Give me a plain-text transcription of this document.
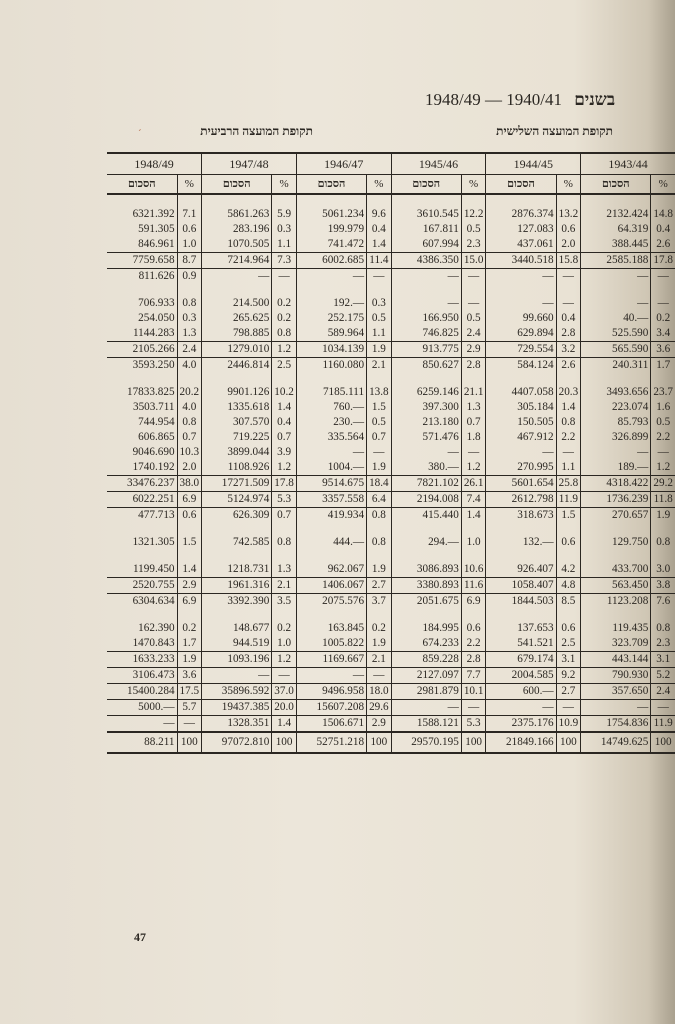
1948/49 — 1940/41 בשנים
תקופת המועצה השלישית
תקופת המועצה הרביעית
ˊ
1948/49		1947/48		1946/47		1945/46		1944/45		1943/44	
הסכום	%	הסכום	%	הסכום	%	הסכום	%	הסכום	%	הסכום	%

6321.392	7.1	5861.263	5.9	5061.234	9.6	3610.545	12.2	2876.374	13.2	2132.424	14.8
591.305	0.6	283.196	0.3	199.979	0.4	167.811	0.5	127.083	0.6	64.319	0.4
846.961	1.0	1070.505	1.1	741.472	1.4	607.994	2.3	437.061	2.0	388.445	2.6
7759.658	8.7	7214.964	7.3	6002.685	11.4	4386.350	15.0	3440.518	15.8	2585.188	17.8
811.626	0.9	—	—	—	—	—	—	—	—	—	—

706.933	0.8	214.500	0.2	192.—	0.3	—	—	—	—	—	—
254.050	0.3	265.625	0.2	252.175	0.5	166.950	0.5	99.660	0.4	40.—	0.2
1144.283	1.3	798.885	0.8	589.964	1.1	746.825	2.4	629.894	2.8	525.590	3.4
2105.266	2.4	1279.010	1.2	1034.139	1.9	913.775	2.9	729.554	3.2	565.590	3.6
3593.250	4.0	2446.814	2.5	1160.080	2.1	850.627	2.8	584.124	2.6	240.311	1.7

17833.825	20.2	9901.126	10.2	7185.111	13.8	6259.146	21.1	4407.058	20.3	3493.656	23.7
3503.711	4.0	1335.618	1.4	760.—	1.5	397.300	1.3	305.184	1.4	223.074	1.6
744.954	0.8	307.570	0.4	230.—	0.5	213.180	0.7	150.505	0.8	85.793	0.5
606.865	0.7	719.225	0.7	335.564	0.7	571.476	1.8	467.912	2.2	326.899	2.2
9046.690	10.3	3899.044	3.9	—	—	—	—	—	—	—	—
1740.192	2.0	1108.926	1.2	1004.—	1.9	380.—	1.2	270.995	1.1	189.—	1.2
33476.237	38.0	17271.509	17.8	9514.675	18.4	7821.102	26.1	5601.654	25.8	4318.422	29.2
6022.251	6.9	5124.974	5.3	3357.558	6.4	2194.008	7.4	2612.798	11.9	1736.239	11.8
477.713	0.6	626.309	0.7	419.934	0.8	415.440	1.4	318.673	1.5	270.657	1.9

1321.305	1.5	742.585	0.8	444.—	0.8	294.—	1.0	132.—	0.6	129.750	0.8

1199.450	1.4	1218.731	1.3	962.067	1.9	3086.893	10.6	926.407	4.2	433.700	3.0
2520.755	2.9	1961.316	2.1	1406.067	2.7	3380.893	11.6	1058.407	4.8	563.450	3.8
6304.634	6.9	3392.390	3.5	2075.576	3.7	2051.675	6.9	1844.503	8.5	1123.208	7.6

162.390	0.2	148.677	0.2	163.845	0.2	184.995	0.6	137.653	0.6	119.435	0.8
1470.843	1.7	944.519	1.0	1005.822	1.9	674.233	2.2	541.521	2.5	323.709	2.3
1633.233	1.9	1093.196	1.2	1169.667	2.1	859.228	2.8	679.174	3.1	443.144	3.1
3106.473	3.6	—	—	—	—	2127.097	7.7	2004.585	9.2	790.930	5.2
15400.284	17.5	35896.592	37.0	9496.958	18.0	2981.879	10.1	600.—	2.7	357.650	2.4
5000.—	5.7	19437.385	20.0	15607.208	29.6	—	—	—	—	—	—
—	—	1328.351	1.4	1506.671	2.9	1588.121	5.3	2375.176	10.9	1754.836	11.9
88.211	100	97072.810	100	52751.218	100	29570.195	100	21849.166	100	14749.625	100
47
